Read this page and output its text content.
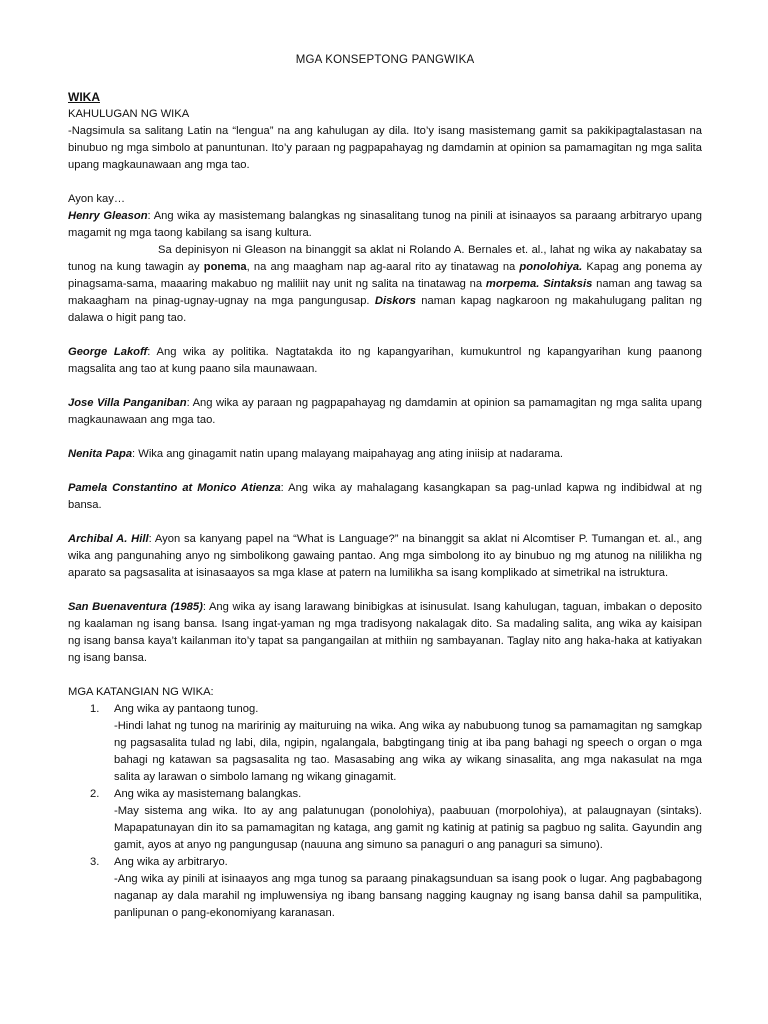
MGA KONSEPTONG PANGWIKA
WIKA
KAHULUGAN NG WIKA

-Nagsimula sa salitang Latin na “lengua” na ang kahulugan ay dila. Ito’y isang masistemang gamit sa pakikipagtalastasan na binubuo ng mga simbolo at panuntunan. Ito’y paraan ng pagpapahayag ng damdamin at opinion sa pamamagitan ng mga salita upang magkaunawaan ang mga tao.

Ayon kay…

Henry Gleason: Ang wika ay masistemang balangkas ng sinasalitang tunog na pinili at isinaayos sa paraang arbitraryo upang magamit ng mga taong kabilang sa isang kultura.

Sa depinisyon ni Gleason na binanggit sa aklat ni Rolando A. Bernales et. al., lahat ng wika ay nakabatay sa tunog na kung tawagin ay ponema, na ang maagham nap ag-aaral rito ay tinatawag na ponolohiya. Kapag ang ponema ay pinagsama-sama, maaaring makabuo ng maliliit nay unit ng salita na tinatawag na morpema. Sintaksis naman ang tawag sa makaagham na pinag-ugnay-ugnay na mga pangungusap. Diskors naman kapag nagkaroon ng makahulugang palitan ng dalawa o higit pang tao.

George Lakoff: Ang wika ay politika. Nagtatakda ito ng kapangyarihan, kumukuntrol ng kapangyarihan kung paanong magsalita ang tao at kung paano sila maunawaan.

Jose Villa Panganiban: Ang wika ay paraan ng pagpapahayag ng damdamin at opinion sa pamamagitan ng mga salita upang magkaunawaan ang mga tao.

Nenita Papa: Wika ang ginagamit natin upang malayang maipahayag ang ating iniisip at nadarama.

Pamela Constantino at Monico Atienza: Ang wika ay mahalagang kasangkapan sa pag-unlad kapwa ng indibidwal at ng bansa.

Archibal A. Hill: Ayon sa kanyang papel na “What is Language?” na binanggit sa aklat ni Alcomtiser P. Tumangan et. al., ang wika ang pangunahing anyo ng simbolikong gawaing pantao. Ang mga simbolong ito ay binubuo ng mg atunog na nililikha ng aparato sa pagsasalita at isinasaayos sa mga klase at patern na lumilikha sa isang komplikado at simetrikal na istruktura.

San Buenaventura (1985): Ang wika ay isang larawang binibigkas at isinusulat. Isang kahulugan, taguan, imbakan o deposito ng kaalaman ng isang bansa. Isang ingat-yaman ng mga tradisyong nakalagak dito. Sa madaling salita, ang wika ay kaisipan ng isang bansa kaya’t kailanman ito’y tapat sa pangangailan at mithiin ng sambayanan. Taglay nito ang haka-haka at katiyakan ng isang bansa.

MGA KATANGIAN NG WIKA:
1. Ang wika ay pantaong tunog.

-Hindi lahat ng tunog na maririnig ay maituruing na wika. Ang wika ay nabubuong tunog sa pamamagitan ng samgkap ng pagsasalita tulad ng labi, dila, ngipin, ngalangala, babgtingang tinig at iba pang bahagi ng speech o organ o mga bahagi ng katawan sa pagsasalita ng tao. Masasabing ang wika ay wikang sinasalita, ang mga nakasulat na mga salita ay larawan o simbolo lamang ng wikang ginagamit.

2. Ang wika ay masistemang balangkas.

-May sistema ang wika. Ito ay ang palatunugan (ponolohiya), paabuuan (morpolohiya), at palaugnayan (sintaks). Mapapatunayan din ito sa pamamagitan ng kataga, ang gamit ng katinig at patinig sa pagbuo ng salita. Gayundin ang gamit, ayos at anyo ng pangungusap (nauuna ang simuno sa panaguri o ang panaguri sa simuno).

3. Ang wika ay arbitraryo.

-Ang wika ay pinili at isinaayos ang mga tunog sa paraang pinakagsunduan sa isang pook o lugar. Ang pagbabagong naganap ay dala marahil ng impluwensiya ng ibang bansang nagging kaugnay ng isang bansa dahil sa pampulitika, panlipunan o pang-ekonomiyang karanasan.
